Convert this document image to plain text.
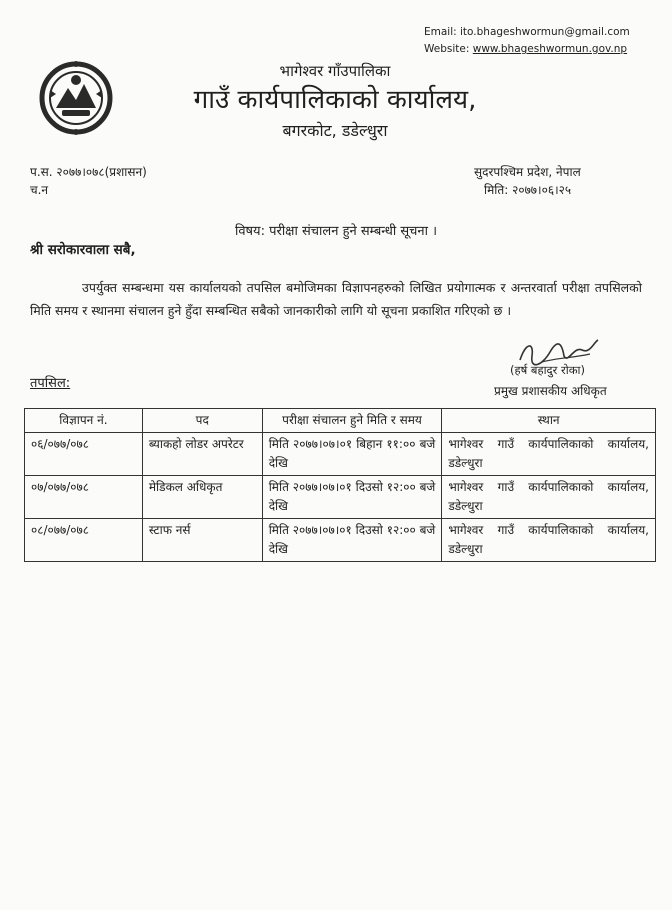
Email: ito.bhageshwormun@gmail.com
Website: www.bhageshwormun.gov.np
भागेश्वर गाँउपालिका
गाउँ कार्यपालिकाको कार्यालय,
बगरकोट, डडेल्धुरा
प.स. २०७७।०७८(प्रशासन)
च.न
सुदरपश्चिम प्रदेश, नेपाल
मिति: २०७७।०६।२५
विषय: परीक्षा संचालन हुने सम्बन्धी सूचना ।
श्री सरोकारवाला सबै,
उपर्युक्त सम्बन्धमा यस कार्यालयको तपसिल बमोजिमका विज्ञापनहरुको लिखित प्रयोगात्मक र अन्तरवार्ता परीक्षा तपसिलको मिति समय र स्थानमा संचालन हुने हुँदा सम्बन्धित सबैको जानकारीको लागि यो सूचना प्रकाशित गरिएको छ ।
(हर्ष बहादुर रोका)
प्रमुख प्रशासकीय अधिकृत
तपसिल:
विज्ञापन नं.	पद	परीक्षा संचालन हुने मिति र समय	स्थान
०६/०७७/०७८	ब्याकहो लोडर अपरेटर	मिति २०७७।०७।०१ बिहान ११:०० बजे देखि	भागेश्वर गाउँ कार्यपालिकाको कार्यालय, डडेल्धुरा
०७/०७७/०७८	मेडिकल अधिकृत	मिति २०७७।०७।०१ दिउसो १२:०० बजे देखि	भागेश्वर गाउँ कार्यपालिकाको कार्यालय, डडेल्धुरा
०८/०७७/०७८	स्टाफ नर्स	मिति २०७७।०७।०१ दिउसो १२:०० बजे देखि	भागेश्वर गाउँ कार्यपालिकाको कार्यालय, डडेल्धुरा
